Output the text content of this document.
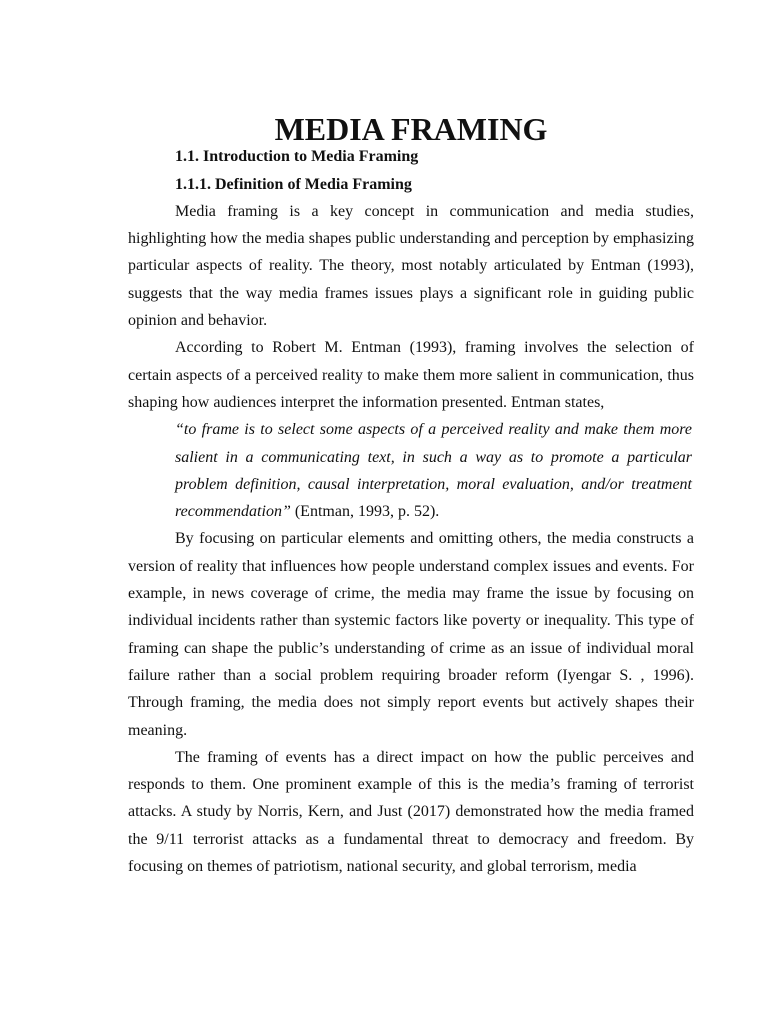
MEDIA FRAMING
1.1. Introduction to Media Framing
1.1.1. Definition of Media Framing

Media framing is a key concept in communication and media studies, highlighting how the media shapes public understanding and perception by emphasizing particular aspects of reality. The theory, most notably articulated by Entman (1993), suggests that the way media frames issues plays a significant role in guiding public opinion and behavior.

According to Robert M. Entman (1993), framing involves the selection of certain aspects of a perceived reality to make them more salient in communication, thus shaping how audiences interpret the information presented. Entman states,

“to frame is to select some aspects of a perceived reality and make them more salient in a communicating text, in such a way as to promote a particular problem definition, causal interpretation, moral evaluation, and/or treatment recommendation” (Entman, 1993, p. 52).

By focusing on particular elements and omitting others, the media constructs a version of reality that influences how people understand complex issues and events. For example, in news coverage of crime, the media may frame the issue by focusing on individual incidents rather than systemic factors like poverty or inequality. This type of framing can shape the public’s understanding of crime as an issue of individual moral failure rather than a social problem requiring broader reform (Iyengar S. , 1996). Through framing, the media does not simply report events but actively shapes their meaning.

The framing of events has a direct impact on how the public perceives and responds to them. One prominent example of this is the media’s framing of terrorist attacks. A study by Norris, Kern, and Just (2017) demonstrated how the media framed the 9/11 terrorist attacks as a fundamental threat to democracy and freedom. By focusing on themes of patriotism, national security, and global terrorism, media
